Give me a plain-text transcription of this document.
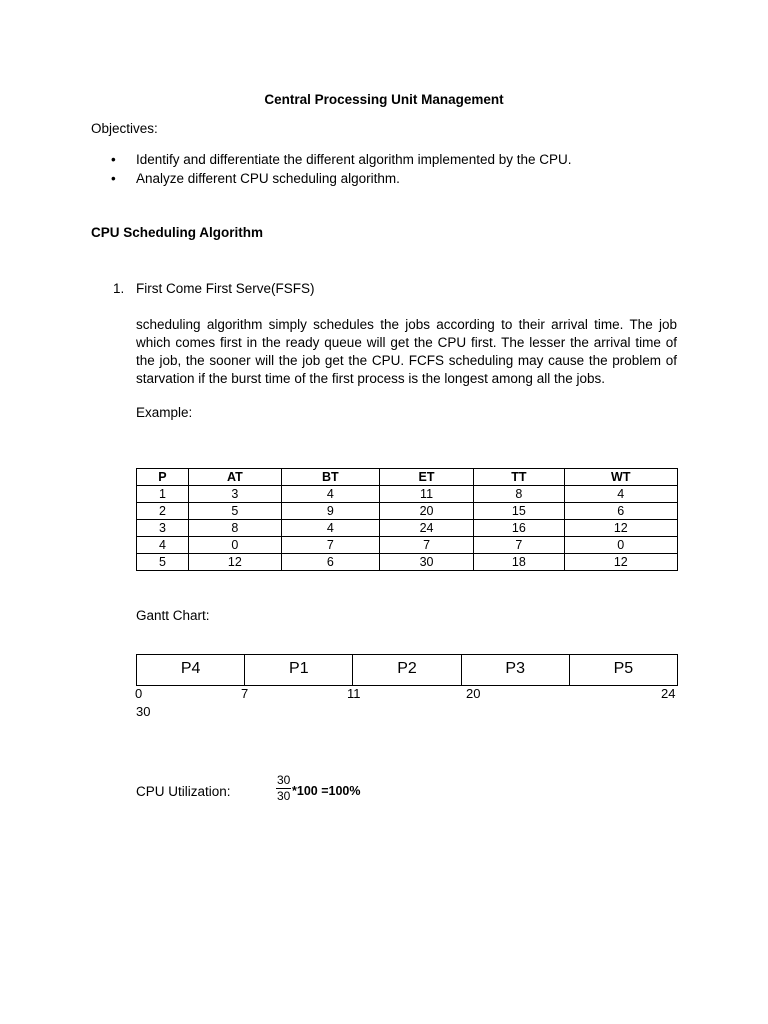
Central Processing Unit Management
Objectives:
• Identify and differentiate the different algorithm implemented by the CPU.
• Analyze different CPU scheduling algorithm.
CPU Scheduling Algorithm
1. First Come First Serve(FSFS)

scheduling algorithm simply schedules the jobs according to their arrival time. The job which comes first in the ready queue will get the CPU first. The lesser the arrival time of the job, the sooner will the job get the CPU. FCFS scheduling may cause the problem of starvation if the burst time of the first process is the longest among all the jobs.

Example:
P	AT	BT	ET	TT	WT
1	3	4	11	8	4
2	5	9	20	15	6
3	8	4	24	16	12
4	0	7	7	7	0
5	12	6	30	18	12
Gantt Chart:
P4	P1	P2	P3	P5
0	7	11	20	24
30
CPU Utilization:	$\frac{30}{30} *100 =100\%$
